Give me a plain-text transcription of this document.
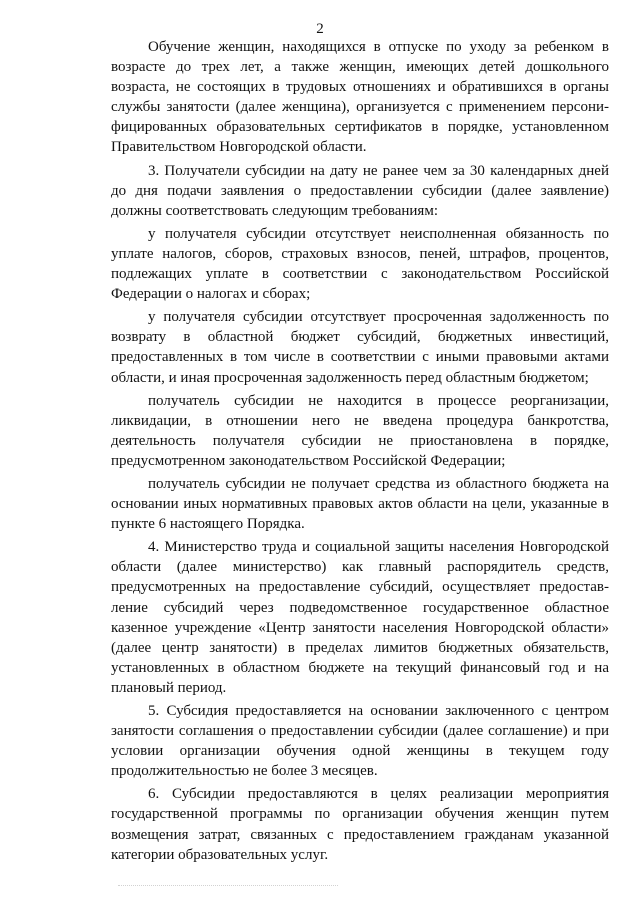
2

Обучение женщин, находящихся в отпуске по уходу за ребенком в возрасте до трех лет, а также женщин, имеющих детей дошкольного возраста, не состоящих в трудовых отношениях и обратившихся в органы службы занятости (далее женщина), организуется с применением персонифицированных образовательных сертификатов в порядке, установленном Правительством Новгородской области.

3. Получатели субсидии на дату не ранее чем за 30 календарных дней до дня подачи заявления о предоставлении субсидии (далее заявление) должны соответствовать следующим требованиям:

у получателя субсидии отсутствует неисполненная обязанность по уплате налогов, сборов, страховых взносов, пеней, штрафов, процентов, подлежащих уплате в соответствии с законодательством Российской Федерации о налогах и сборах;

у получателя субсидии отсутствует просроченная задолженность по возврату в областной бюджет субсидий, бюджетных инвестиций, предоставленных в том числе в соответствии с иными правовыми актами области, и иная просроченная задолженность перед областным бюджетом;

получатель субсидии не находится в процессе реорганизации, ликвидации, в отношении него не введена процедура банкротства, деятельность получателя субсидии не приостановлена в порядке, предусмотренном законодательством Российской Федерации;

получатель субсидии не получает средства из областного бюджета на основании иных нормативных правовых актов области на цели, указанные в пункте 6 настоящего Порядка.

4. Министерство труда и социальной защиты населения Новгородской области (далее министерство) как главный распорядитель средств, предусмотренных на предоставление субсидий, осуществляет предоставление субсидий через подведомственное государственное областное казенное учреждение «Центр занятости населения Новгородской области» (далее центр занятости) в пределах лимитов бюджетных обязательств, установленных в областном бюджете на текущий финансовый год и на плановый период.

5. Субсидия предоставляется на основании заключенного с центром занятости соглашения о предоставлении субсидии (далее соглашение) и при условии организации обучения одной женщины в текущем году продолжительностью не более 3 месяцев.

6. Субсидии предоставляются в целях реализации мероприятия государственной программы по организации обучения женщин путем возмещения затрат, связанных с предоставлением гражданам указанной категории образовательных услуг.
